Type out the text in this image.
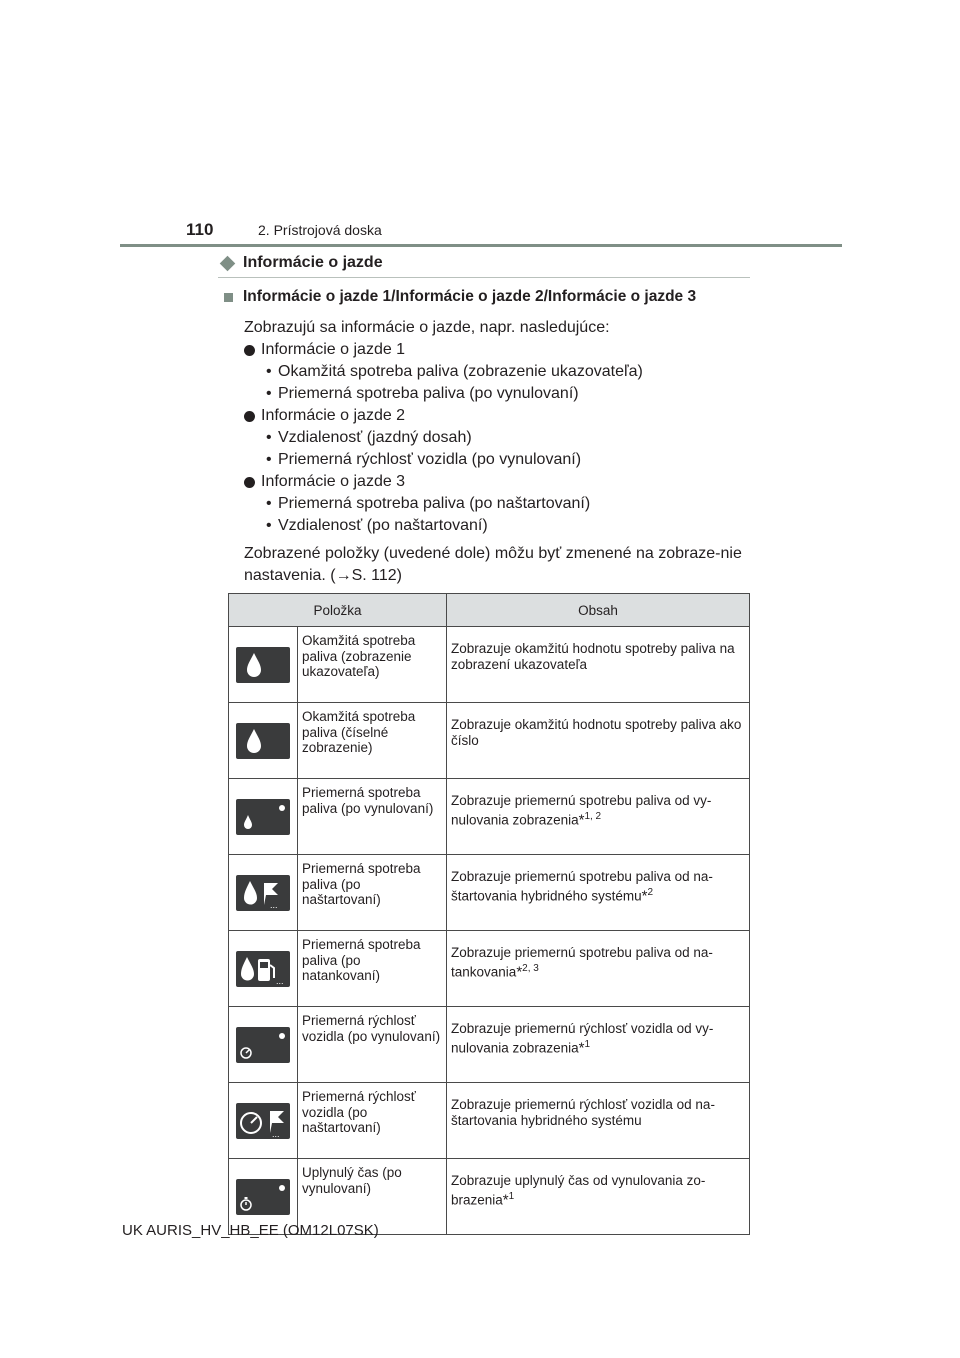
110	2. Prístrojová doska
Informácie o jazde
Informácie o jazde 1/Informácie o jazde 2/Informácie o jazde 3
Zobrazujú sa informácie o jazde, napr. nasledujúce:
Informácie o jazde 1
• Okamžitá spotreba paliva (zobrazenie ukazovateľa)
• Priemerná spotreba paliva (po vynulovaní)
Informácie o jazde 2
• Vzdialenosť (jazdný dosah)
• Priemerná rýchlosť vozidla (po vynulovaní)
Informácie o jazde 3
• Priemerná spotreba paliva (po naštartovaní)
• Vzdialenosť (po naštartovaní)
Zobrazené položky (uvedené dole) môžu byť zmenené na zobraze-nie nastavenia. (→S. 112)
Položka		Obsah

	Okamžitá spotreba paliva (zobrazenie ukazovateľa)	Zobrazuje okamžitú hodnotu spotreby paliva na zobrazení ukazovateľa

	Okamžitá spotreba paliva (číselné zobrazenie)	Zobrazuje okamžitú hodnotu spotreby paliva ako číslo

	Priemerná spotreba paliva (po vynulovaní)	Zobrazuje priemernú spotrebu paliva od vy-nulovania zobrazenia*$^{1, 2}$

...	Priemerná spotreba paliva (po naštartovaní)	Zobrazuje priemernú spotrebu paliva od na-štartovania hybridného systému*$^2$

...	Priemerná spotreba paliva (po natankovaní)	Zobrazuje priemernú spotrebu paliva od na-tankovania*$^{2, 3}$

	Priemerná rýchlosť vozidla (po vynulovaní)	Zobrazuje priemernú rýchlosť vozidla od vy-nulovania zobrazenia*$^1$

...	Priemerná rýchlosť vozidla (po naštartovaní)	Zobrazuje priemernú rýchlosť vozidla od na-štartovania hybridného systému

	Uplynulý čas (po vynulovaní)	Zobrazuje uplynulý čas od vynulovania zo-brazenia*$^1$
UK AURIS_HV_HB_EE (OM12L07SK)
